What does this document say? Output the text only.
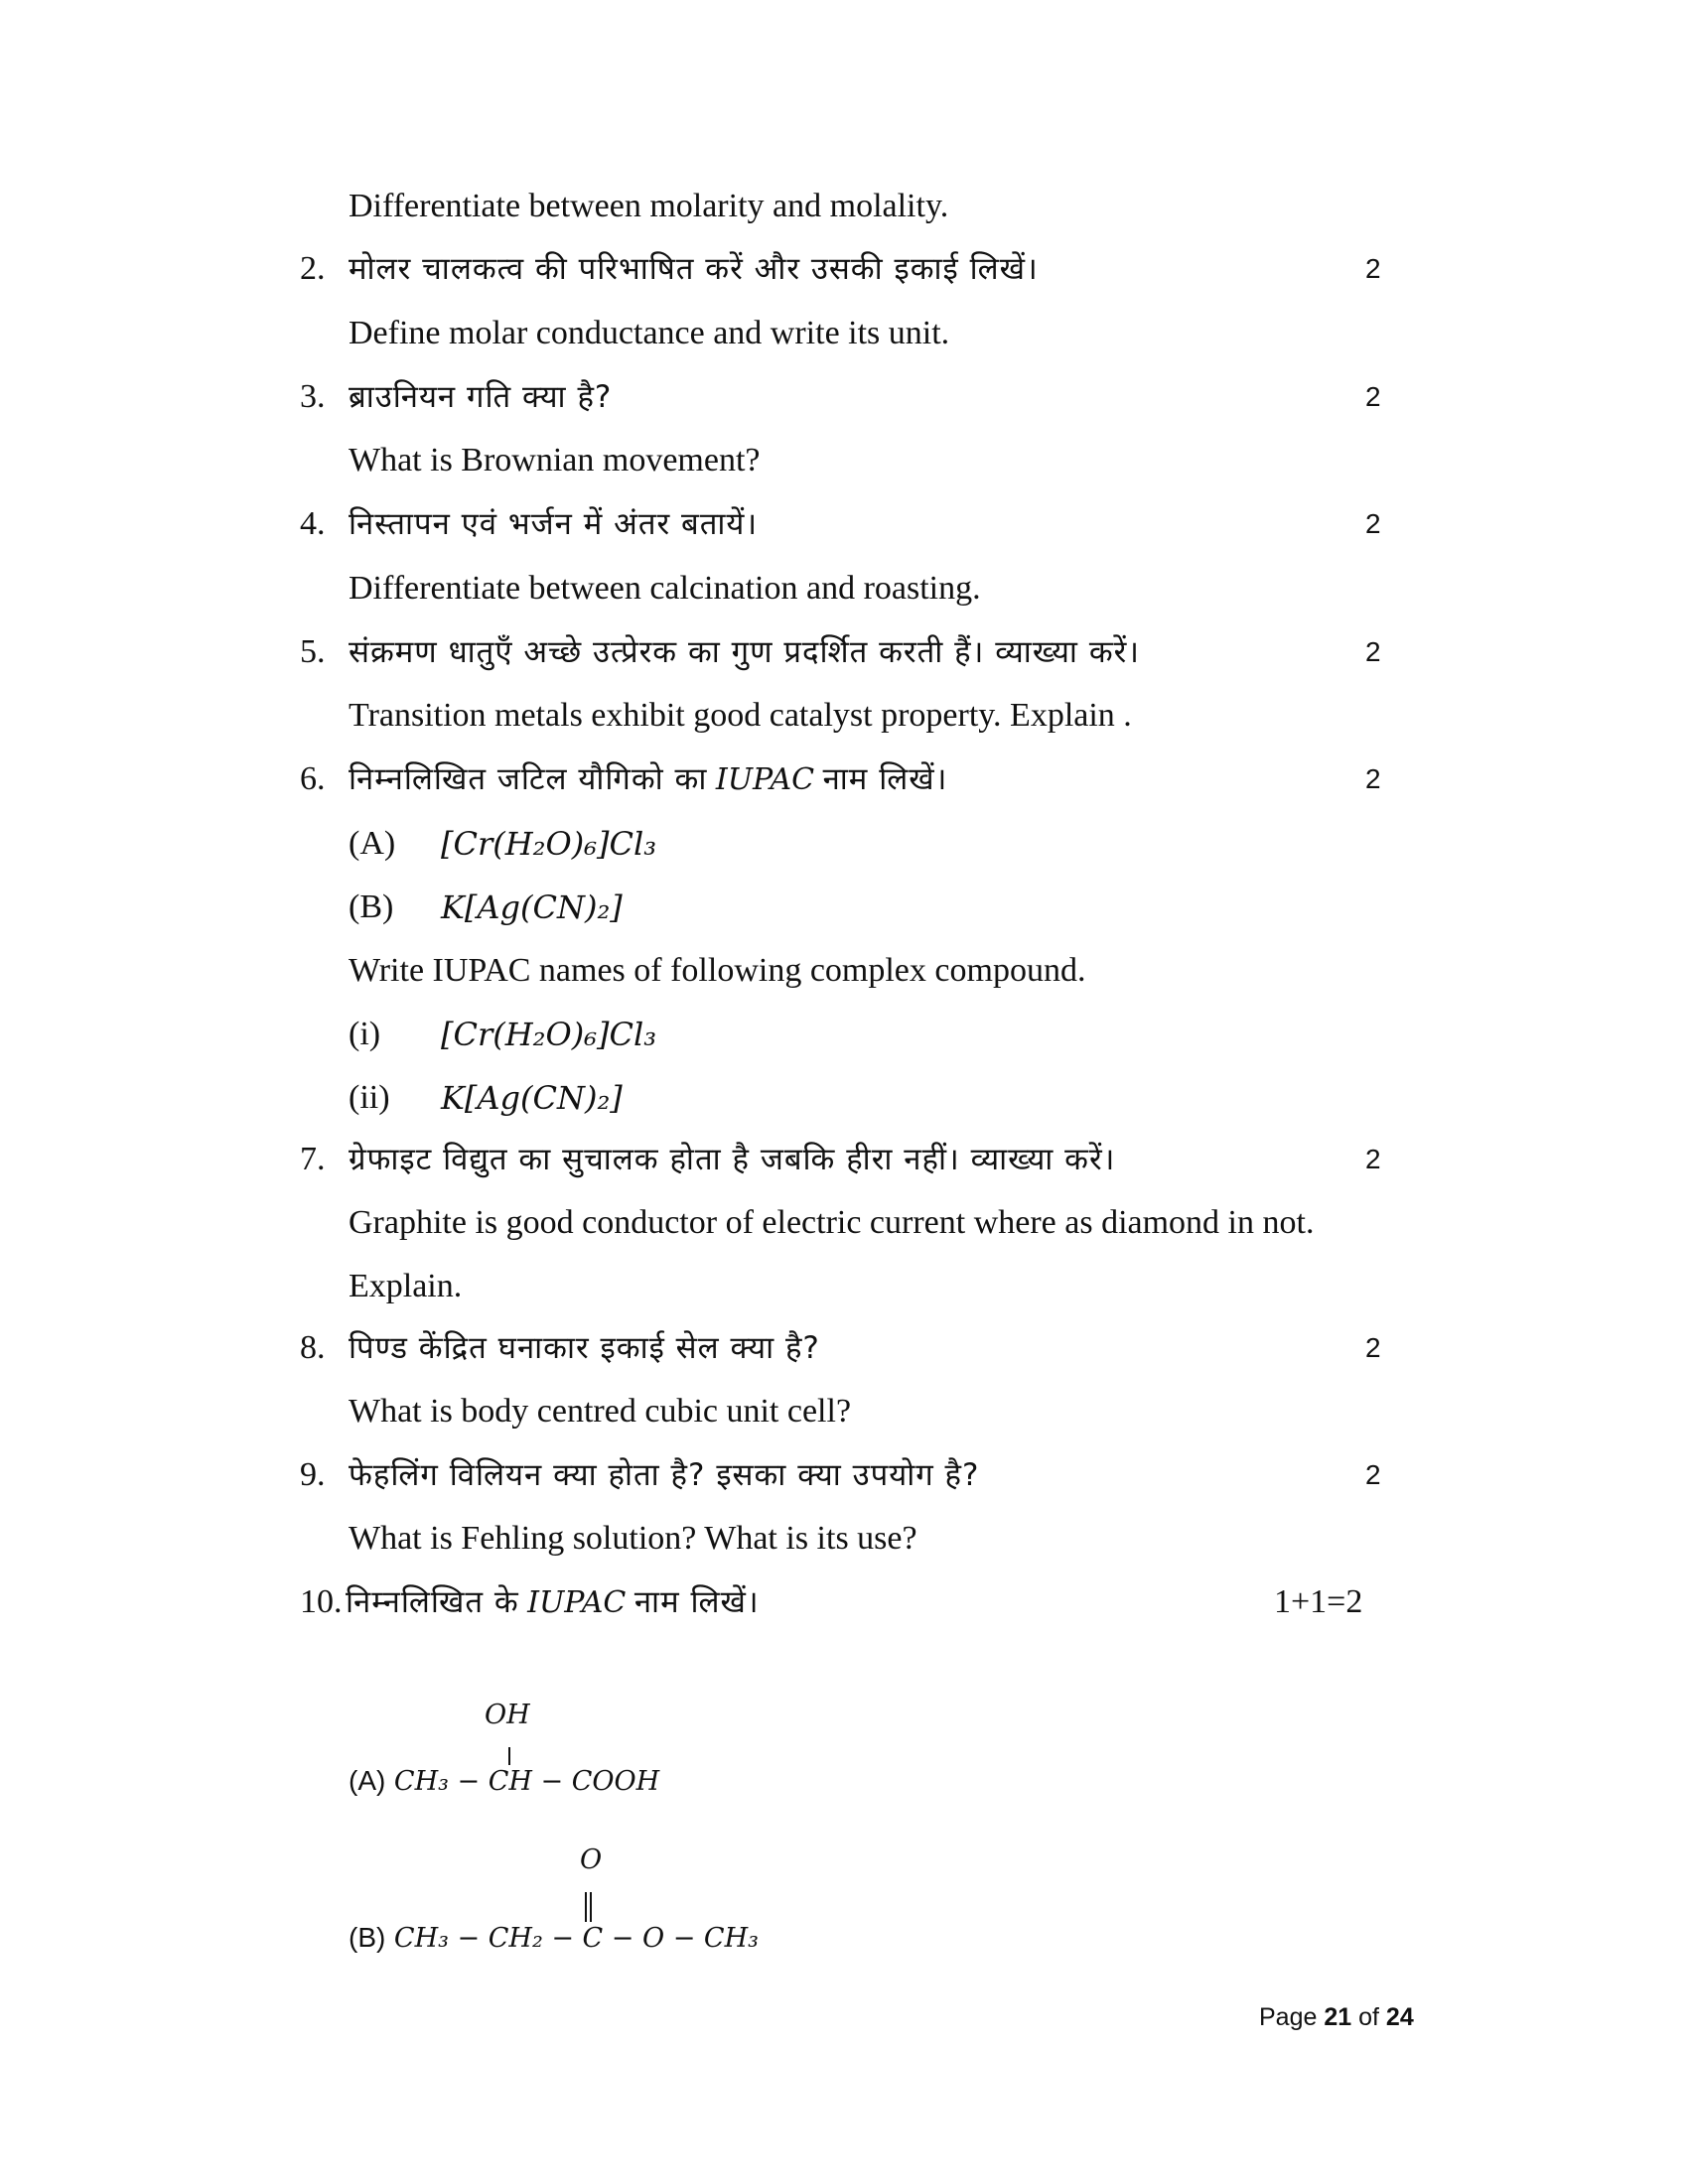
Differentiate between molarity and molality.
2. मोलर चालकत्व की परिभाषित करें और उसकी इकाई लिखें।	2
Define molar conductance and write its unit.
3. ब्राउनियन गति क्या है?	2
What is Brownian movement?
4. निस्तापन एवं भर्जन में अंतर बतायें।	2
Differentiate between calcination and roasting.
5. संक्रमण धातुएँ अच्छे उत्प्रेरक का गुण प्रदर्शित करती हैं। व्याख्या करें।	2
Transition metals exhibit good catalyst property. Explain .
6. निम्नलिखित जटिल यौगिको का IUPAC नाम लिखें।	2
(A) [Cr(H₂O)₆]Cl₃
(B) K[Ag(CN)₂]
Write IUPAC names of following complex compound.
(i) [Cr(H₂O)₆]Cl₃
(ii) K[Ag(CN)₂]
7. ग्रेफाइट विद्युत का सुचालक होता है जबकि हीरा नहीं। व्याख्या करें।	2
Graphite is good conductor of electric current where as diamond in not.
Explain.
8. पिण्ड केंद्रित घनाकार इकाई सेल क्या है?	2
What is body centred cubic unit cell?
9. फेहलिंग विलियन क्या होता है? इसका क्या उपयोग है?	2
What is Fehling solution? What is its use?
10. निम्नलिखित के IUPAC नाम लिखें।	1+1=2
OH
(A) CH₃ − CH − COOH
O
(B) CH₃ − CH₂ − C − O − CH₃
Page 21 of 24
